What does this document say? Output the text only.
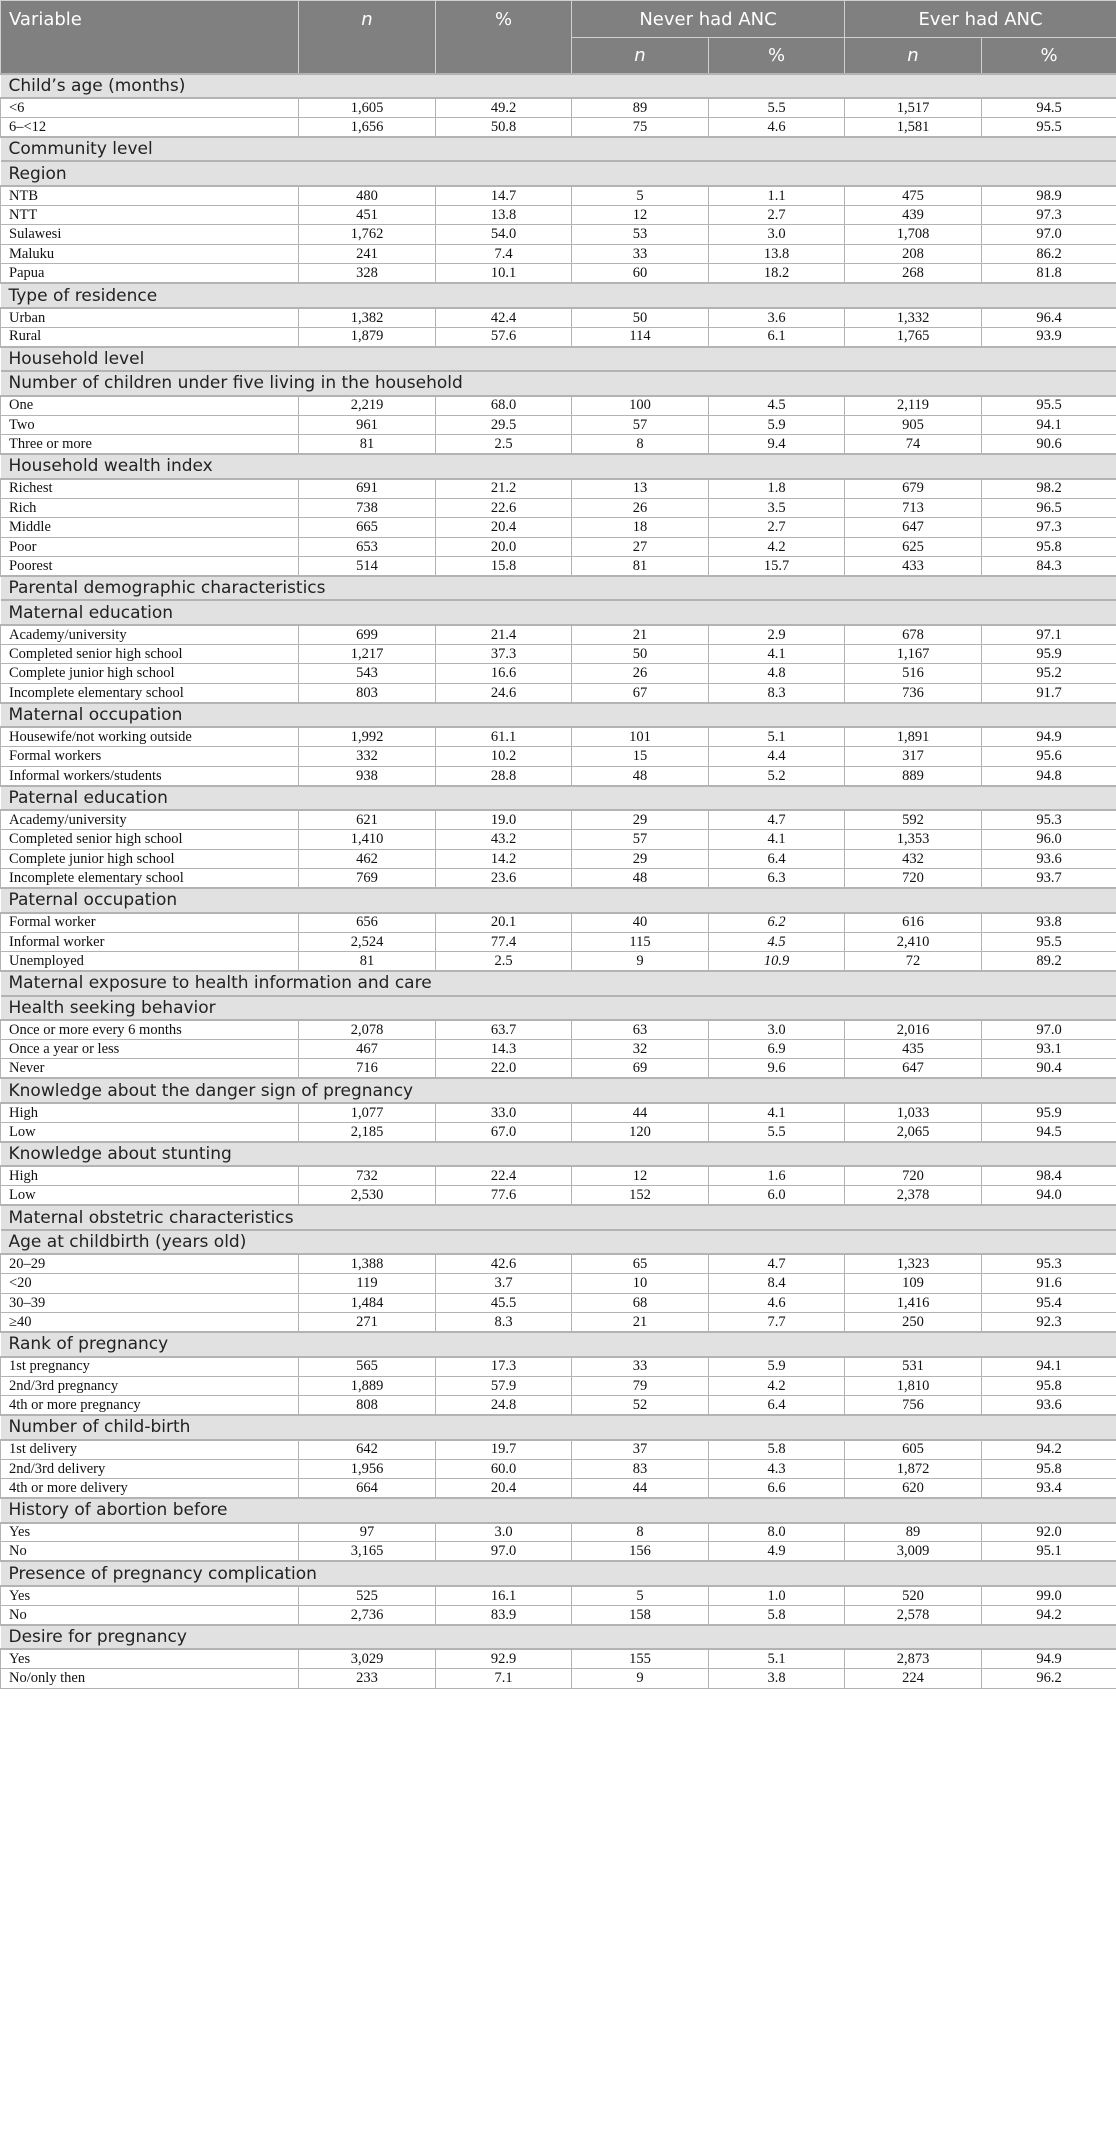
Variable	n	%	Never had ANC		Ever had ANC	
			n	%	n	%
Child’s age (months)						
<6	1,605	49.2	89	5.5	1,517	94.5
6–<12	1,656	50.8	75	4.6	1,581	95.5
Community level						
Region						
NTB	480	14.7	5	1.1	475	98.9
NTT	451	13.8	12	2.7	439	97.3
Sulawesi	1,762	54.0	53	3.0	1,708	97.0
Maluku	241	7.4	33	13.8	208	86.2
Papua	328	10.1	60	18.2	268	81.8
Type of residence						
Urban	1,382	42.4	50	3.6	1,332	96.4
Rural	1,879	57.6	114	6.1	1,765	93.9
Household level						
Number of children under five living in the household						
One	2,219	68.0	100	4.5	2,119	95.5
Two	961	29.5	57	5.9	905	94.1
Three or more	81	2.5	8	9.4	74	90.6
Household wealth index						
Richest	691	21.2	13	1.8	679	98.2
Rich	738	22.6	26	3.5	713	96.5
Middle	665	20.4	18	2.7	647	97.3
Poor	653	20.0	27	4.2	625	95.8
Poorest	514	15.8	81	15.7	433	84.3
Parental demographic characteristics						
Maternal education						
Academy/university	699	21.4	21	2.9	678	97.1
Completed senior high school	1,217	37.3	50	4.1	1,167	95.9
Complete junior high school	543	16.6	26	4.8	516	95.2
Incomplete elementary school	803	24.6	67	8.3	736	91.7
Maternal occupation						
Housewife/not working outside	1,992	61.1	101	5.1	1,891	94.9
Formal workers	332	10.2	15	4.4	317	95.6
Informal workers/students	938	28.8	48	5.2	889	94.8
Paternal education						
Academy/university	621	19.0	29	4.7	592	95.3
Completed senior high school	1,410	43.2	57	4.1	1,353	96.0
Complete junior high school	462	14.2	29	6.4	432	93.6
Incomplete elementary school	769	23.6	48	6.3	720	93.7
Paternal occupation						
Formal worker	656	20.1	40	6.2	616	93.8
Informal worker	2,524	77.4	115	4.5	2,410	95.5
Unemployed	81	2.5	9	10.9	72	89.2
Maternal exposure to health information and care						
Health seeking behavior						
Once or more every 6 months	2,078	63.7	63	3.0	2,016	97.0
Once a year or less	467	14.3	32	6.9	435	93.1
Never	716	22.0	69	9.6	647	90.4
Knowledge about the danger sign of pregnancy						
High	1,077	33.0	44	4.1	1,033	95.9
Low	2,185	67.0	120	5.5	2,065	94.5
Knowledge about stunting						
High	732	22.4	12	1.6	720	98.4
Low	2,530	77.6	152	6.0	2,378	94.0
Maternal obstetric characteristics						
Age at childbirth (years old)						
20–29	1,388	42.6	65	4.7	1,323	95.3
<20	119	3.7	10	8.4	109	91.6
30–39	1,484	45.5	68	4.6	1,416	95.4
≥40	271	8.3	21	7.7	250	92.3
Rank of pregnancy						
1st pregnancy	565	17.3	33	5.9	531	94.1
2nd/3rd pregnancy	1,889	57.9	79	4.2	1,810	95.8
4th or more pregnancy	808	24.8	52	6.4	756	93.6
Number of child-birth						
1st delivery	642	19.7	37	5.8	605	94.2
2nd/3rd delivery	1,956	60.0	83	4.3	1,872	95.8
4th or more delivery	664	20.4	44	6.6	620	93.4
History of abortion before						
Yes	97	3.0	8	8.0	89	92.0
No	3,165	97.0	156	4.9	3,009	95.1
Presence of pregnancy complication						
Yes	525	16.1	5	1.0	520	99.0
No	2,736	83.9	158	5.8	2,578	94.2
Desire for pregnancy						
Yes	3,029	92.9	155	5.1	2,873	94.9
No/only then	233	7.1	9	3.8	224	96.2
